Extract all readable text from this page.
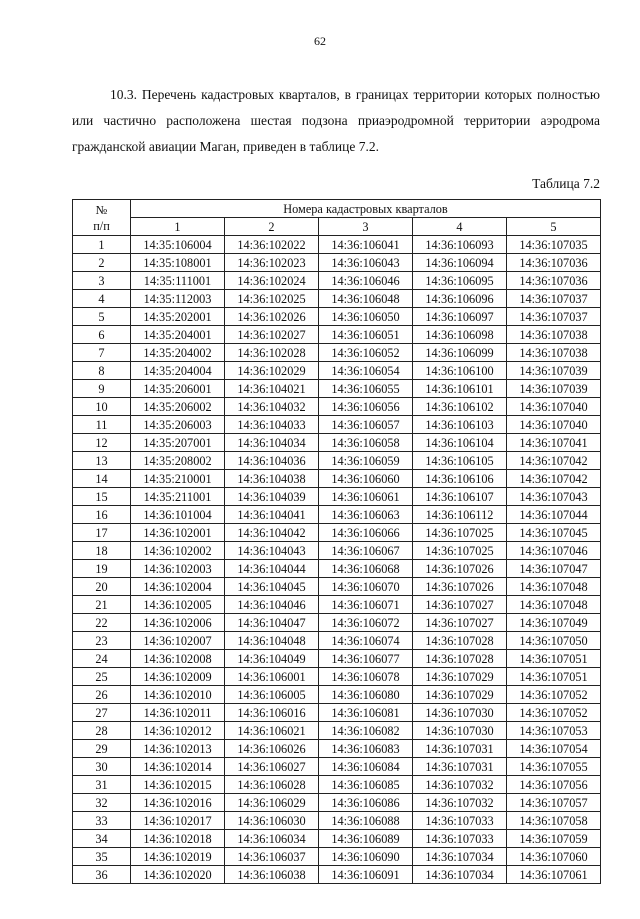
62

10.3. Перечень кадастровых кварталов, в границах территории которых полностью или частично расположена шестая подзона приаэродромной территории аэродрома гражданской авиации Маган, приведен в таблице 7.2.

Таблица 7.2
№
п/п	Номера кадастровых кварталов				
	1	2	3	4	5
1	14:35:106004	14:36:102022	14:36:106041	14:36:106093	14:36:107035
2	14:35:108001	14:36:102023	14:36:106043	14:36:106094	14:36:107036
3	14:35:111001	14:36:102024	14:36:106046	14:36:106095	14:36:107036
4	14:35:112003	14:36:102025	14:36:106048	14:36:106096	14:36:107037
5	14:35:202001	14:36:102026	14:36:106050	14:36:106097	14:36:107037
6	14:35:204001	14:36:102027	14:36:106051	14:36:106098	14:36:107038
7	14:35:204002	14:36:102028	14:36:106052	14:36:106099	14:36:107038
8	14:35:204004	14:36:102029	14:36:106054	14:36:106100	14:36:107039
9	14:35:206001	14:36:104021	14:36:106055	14:36:106101	14:36:107039
10	14:35:206002	14:36:104032	14:36:106056	14:36:106102	14:36:107040
11	14:35:206003	14:36:104033	14:36:106057	14:36:106103	14:36:107040
12	14:35:207001	14:36:104034	14:36:106058	14:36:106104	14:36:107041
13	14:35:208002	14:36:104036	14:36:106059	14:36:106105	14:36:107042
14	14:35:210001	14:36:104038	14:36:106060	14:36:106106	14:36:107042
15	14:35:211001	14:36:104039	14:36:106061	14:36:106107	14:36:107043
16	14:36:101004	14:36:104041	14:36:106063	14:36:106112	14:36:107044
17	14:36:102001	14:36:104042	14:36:106066	14:36:107025	14:36:107045
18	14:36:102002	14:36:104043	14:36:106067	14:36:107025	14:36:107046
19	14:36:102003	14:36:104044	14:36:106068	14:36:107026	14:36:107047
20	14:36:102004	14:36:104045	14:36:106070	14:36:107026	14:36:107048
21	14:36:102005	14:36:104046	14:36:106071	14:36:107027	14:36:107048
22	14:36:102006	14:36:104047	14:36:106072	14:36:107027	14:36:107049
23	14:36:102007	14:36:104048	14:36:106074	14:36:107028	14:36:107050
24	14:36:102008	14:36:104049	14:36:106077	14:36:107028	14:36:107051
25	14:36:102009	14:36:106001	14:36:106078	14:36:107029	14:36:107051
26	14:36:102010	14:36:106005	14:36:106080	14:36:107029	14:36:107052
27	14:36:102011	14:36:106016	14:36:106081	14:36:107030	14:36:107052
28	14:36:102012	14:36:106021	14:36:106082	14:36:107030	14:36:107053
29	14:36:102013	14:36:106026	14:36:106083	14:36:107031	14:36:107054
30	14:36:102014	14:36:106027	14:36:106084	14:36:107031	14:36:107055
31	14:36:102015	14:36:106028	14:36:106085	14:36:107032	14:36:107056
32	14:36:102016	14:36:106029	14:36:106086	14:36:107032	14:36:107057
33	14:36:102017	14:36:106030	14:36:106088	14:36:107033	14:36:107058
34	14:36:102018	14:36:106034	14:36:106089	14:36:107033	14:36:107059
35	14:36:102019	14:36:106037	14:36:106090	14:36:107034	14:36:107060
36	14:36:102020	14:36:106038	14:36:106091	14:36:107034	14:36:107061
